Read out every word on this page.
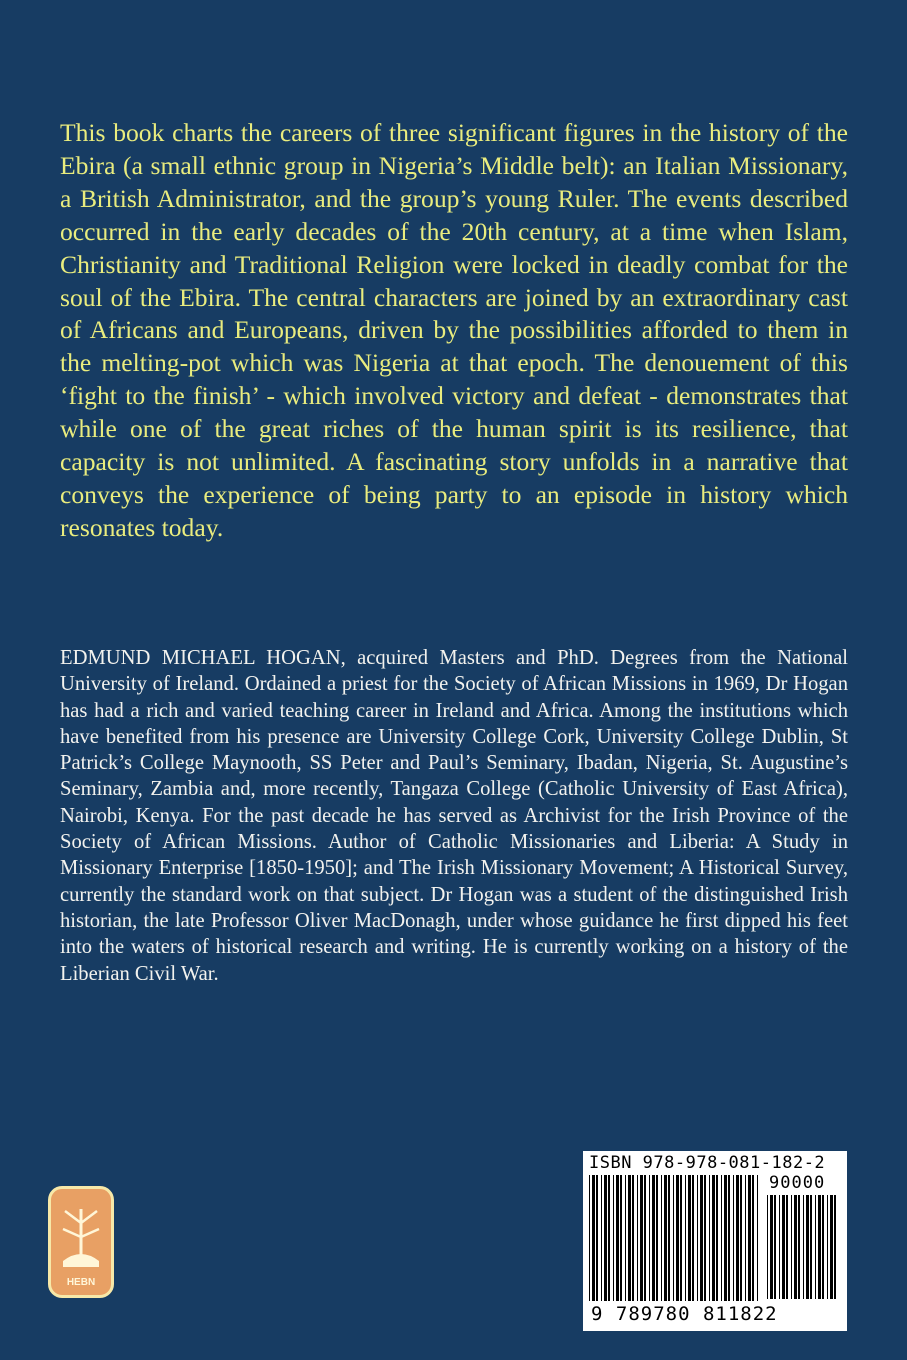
This book charts the careers of three significant figures in the history of the Ebira (a small ethnic group in Nigeria’s Middle belt): an Italian Missionary, a British Administrator, and the group’s young Ruler. The events described occurred in the early decades of the 20th century, at a time when Islam, Christianity and Traditional Religion were locked in deadly combat for the soul of the Ebira. The central characters are joined by an extraordinary cast of Africans and Europeans, driven by the possibilities afforded to them in the melting-pot which was Nigeria at that epoch. The denouement of this ‘fight to the finish’ - which involved victory and defeat - demonstrates that while one of the great riches of the human spirit is its resilience, that capacity is not unlimited. A fascinating story unfolds in a narrative that conveys the experience of being party to an episode in history which resonates today.

EDMUND MICHAEL HOGAN, acquired Masters and PhD. Degrees from the National University of Ireland. Ordained a priest for the Society of African Missions in 1969, Dr Hogan has had a rich and varied teaching career in Ireland and Africa. Among the institutions which have benefited from his presence are University College Cork, University College Dublin, St Patrick’s College Maynooth, SS Peter and Paul’s Seminary, Ibadan, Nigeria, St. Augustine’s Seminary, Zambia and, more recently, Tangaza College (Catholic University of East Africa), Nairobi, Kenya. For the past decade he has served as Archivist for the Irish Province of the Society of African Missions. Author of Catholic Missionaries and Liberia: A Study in Missionary Enterprise [1850-1950]; and The Irish Missionary Movement; A Historical Survey, currently the standard work on that subject. Dr Hogan was a student of the distinguished Irish historian, the late Professor Oliver MacDonagh, under whose guidance he first dipped his feet into the waters of historical research and writing. He is currently working on a history of the Liberian Civil War.

HEBN
ISBN 978-978-081-182-2
90000
9 789780 811822
